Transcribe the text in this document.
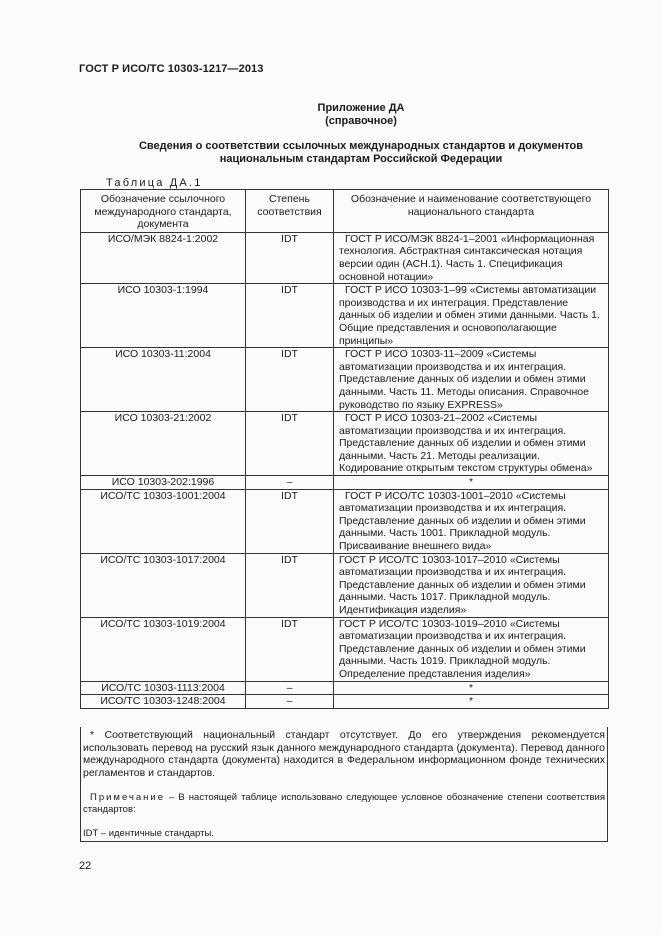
ГОСТ Р ИСО/ТС 10303-1217—2013
Приложение ДА
(справочное)
Сведения о соответствии ссылочных международных стандартов и документов
национальным стандартам Российской Федерации
Таблица ДА.1
Обозначение ссылочного международного стандарта, документа	Степень соответствия	Обозначение и наименование соответствующего национального стандарта
ИСО/МЭК 8824-1:2002	IDT	ГОСТ Р ИСО/МЭК 8824-1–2001 «Информационная технология. Абстрактная синтаксическая нотация версии один (АСН.1). Часть 1. Спецификация основной нотации»
ИСО 10303-1:1994	IDT	ГОСТ Р ИСО 10303-1–99 «Системы автоматизации производства и их интеграция. Представление данных об изделии и обмен этими данными. Часть 1. Общие представления и основополагающие принципы»
ИСО 10303-11:2004	IDT	ГОСТ Р ИСО 10303-11–2009 «Системы автоматизации производства и их интеграция. Представление данных об изделии и обмен этими данными. Часть 11. Методы описания. Справочное руководство по языку EXPRESS»
ИСО 10303-21:2002	IDT	ГОСТ Р ИСО 10303-21–2002 «Системы автоматизации производства и их интеграция. Представление данных об изделии и обмен этими данными. Часть 21. Методы реализации. Кодирование открытым текстом структуры обмена»
ИСО 10303-202:1996	–	*
ИСО/ТС 10303-1001:2004	IDT	ГОСТ Р ИСО/ТС 10303-1001–2010 «Системы автоматизации производства и их интеграция. Представление данных об изделии и обмен этими данными. Часть 1001. Прикладной модуль. Присваивание внешнего вида»
ИСО/ТС 10303-1017:2004	IDT	ГОСТ Р ИСО/ТС 10303-1017–2010 «Системы автоматизации производства и их интеграция. Представление данных об изделии и обмен этими данными. Часть 1017. Прикладной модуль. Идентификация изделия»
ИСО/ТС 10303-1019:2004	IDT	ГОСТ Р ИСО/ТС 10303-1019–2010 «Системы автоматизации производства и их интеграция. Представление данных об изделии и обмен этими данными. Часть 1019. Прикладной модуль. Определение представления изделия»
ИСО/ТС 10303-1113:2004	–	*
ИСО/ТС 10303-1248:2004	–	*
* Соответствующий национальный стандарт отсутствует. До его утверждения рекомендуется использовать перевод на русский язык данного международного стандарта (документа). Перевод данного международного стандарта (документа) находится в Федеральном информационном фонде технических регламентов и стандартов.
Примечание – В настоящей таблице использовано следующее условное обозначение степени соответствия стандартов:
IDT – идентичные стандарты.
22
